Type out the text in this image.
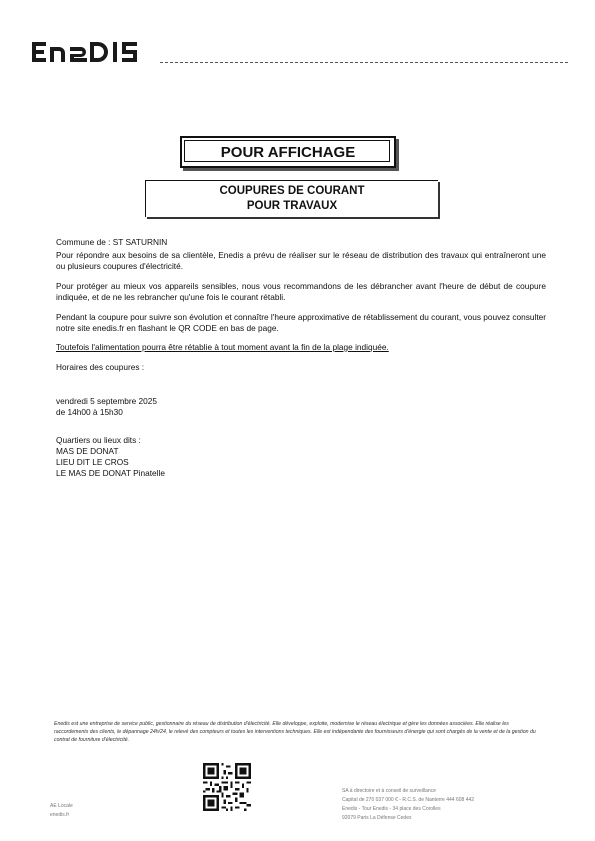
POUR AFFICHAGE
COUPURES DE COURANT
POUR TRAVAUX
Commune de : ST SATURNIN
Pour répondre aux besoins de sa clientèle, Enedis a prévu de réaliser sur le réseau de distribution des travaux qui entraîneront une ou plusieurs coupures d'électricité.
Pour protéger au mieux vos appareils sensibles, nous vous recommandons de les débrancher avant l'heure de début de coupure indiquée, et de ne les rebrancher qu'une fois le courant rétabli.
Pendant la coupure pour suivre son évolution et connaître l'heure approximative de rétablissement du courant, vous pouvez consulter notre site enedis.fr en flashant le QR CODE en bas de page.
Toutefois l'alimentation pourra être rétablie à tout moment avant la fin de la plage indiquée.
Horaires des coupures :
vendredi 5 septembre 2025
de 14h00 à 15h30
Quartiers ou lieux dits :
MAS DE DONAT
LIEU DIT LE CROS
LE MAS DE DONAT Pinatelle
Enedis est une entreprise de service public, gestionnaire du réseau de distribution d'électricité. Elle développe, exploite, modernise le réseau électrique et gère les données associées. Elle réalise les raccordements des clients, le dépannage 24h/24, le relevé des compteurs et toutes les interventions techniques. Elle est indépendante des fournisseurs d'énergie qui sont chargés de la vente et de la gestion du contrat de fourniture d'électricité.
AE Locale
enedis.fr
SA à directoire et à conseil de surveillance
Capital de 270 037 000 € - R.C.S. de Nanterre 444 608 442
Enedis - Tour Enedis - 34 place des Corolles
92079 Paris La Défense Cedex
